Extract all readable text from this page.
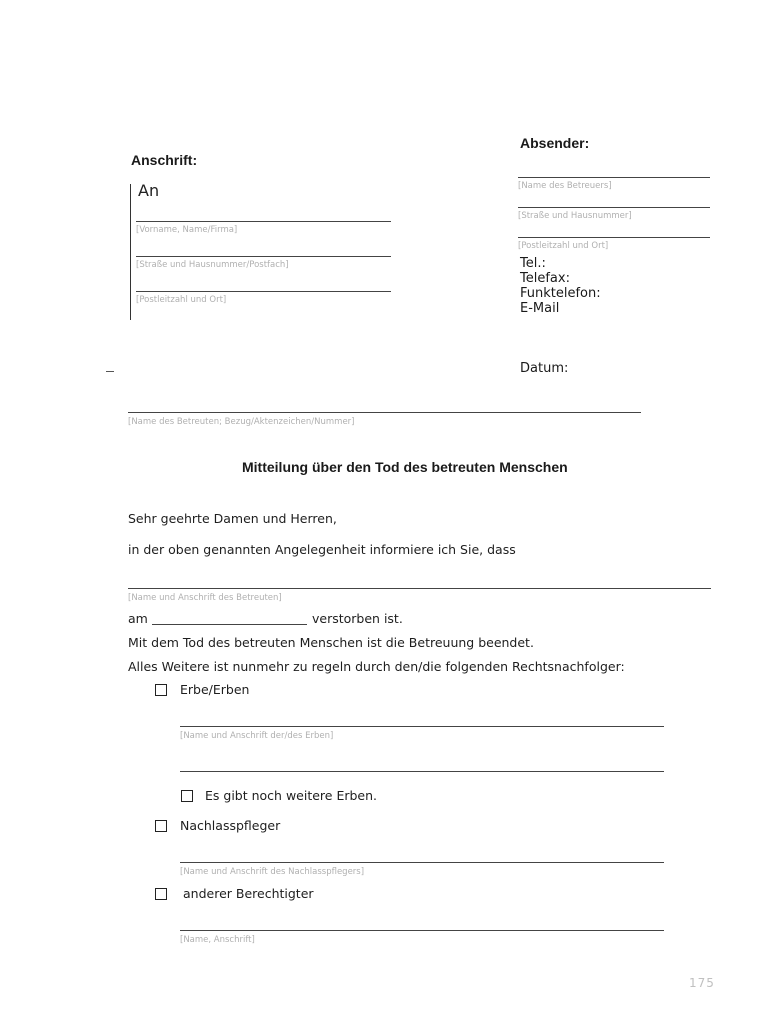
Anschrift:
An
[Vorname, Name/Firma]
[Straße und Hausnummer/Postfach]
[Postleitzahl und Ort]
Absender:
[Name des Betreuers]
[Straße und Hausnummer]
[Postleitzahl und Ort]
Tel.:
Telefax:
Funktelefon:
E-Mail
Datum:
[Name des Betreuten; Bezug/Aktenzeichen/Nummer]
Mitteilung über den Tod des betreuten Menschen
Sehr geehrte Damen und Herren,
in der oben genannten Angelegenheit informiere ich Sie, dass
[Name und Anschrift des Betreuten]
am	verstorben ist.
Mit dem Tod des betreuten Menschen ist die Betreuung beendet.
Alles Weitere ist nunmehr zu regeln durch den/die folgenden Rechtsnachfolger:
Erbe/Erben
[Name und Anschrift der/des Erben]
Es gibt noch weitere Erben.
Nachlasspfleger
[Name und Anschrift des Nachlasspflegers]
anderer Berechtigter
[Name, Anschrift]
175
